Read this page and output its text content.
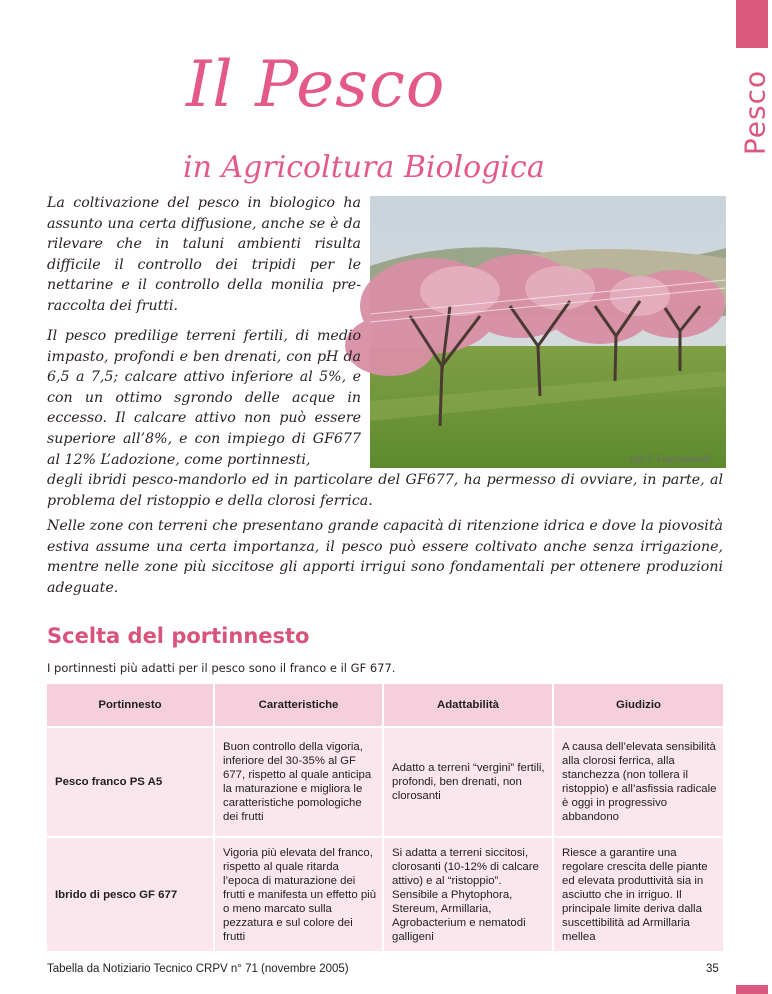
Pesco
Il Pesco
in Agricoltura Biologica
foto F. Franceschelli

La coltivazione del pesco in biologico ha assunto una certa diffusione, anche se è da rilevare che in taluni ambienti risulta difficile il controllo dei tripidi per le nettarine e il controllo della monilia pre-raccolta dei frutti.

Il pesco predilige terreni fertili, di medio impasto, profondi e ben drenati, con pH da 6,5 a 7,5; calcare attivo inferiore al 5%, e con un ottimo sgrondo delle acque in eccesso. Il calcare attivo non può essere superiore all’8%, e con impiego di GF677 al 12% L’adozione, come portinnesti,

degli ibridi pesco-mandorlo ed in particolare del GF677, ha permesso di ovviare, in parte, al problema del ristoppio e della clorosi ferrica.

Nelle zone con terreni che presentano grande capacità di ritenzione idrica e dove la piovosità estiva assume una certa importanza, il pesco può essere coltivato anche senza irrigazione, mentre nelle zone più siccitose gli apporti irrigui sono fondamentali per ottenere produzioni adeguate.

Scelta del portinnesto
I portinnesti più adatti per il pesco sono il franco e il GF 677.
Portinnesto	Caratteristiche	Adattabilità	Giudizio
Pesco franco PS A5	Buon controllo della vigoria, inferiore del 30-35% al GF 677, rispetto al quale anticipa la maturazione e migliora le caratteristiche pomologiche dei frutti	Adatto a terreni “vergini” fertili, profondi, ben drenati, non clorosanti	A causa dell’elevata sensibilità alla clorosi ferrica, alla stanchezza (non tollera il ristoppio) e all’asfissia radicale è oggi in progressivo abbandono
Ibrido di pesco GF 677	Vigoria più elevata del franco, rispetto al quale ritarda l’epoca di maturazione dei frutti e manifesta un effetto più o meno marcato sulla pezzatura e sul colore dei frutti	Si adatta a terreni siccitosi, clorosanti (10-12% di calcare attivo) e al “ristoppio”. Sensibile a Phytophora, Stereum, Armillaria, Agrobacterium e nematodi galligeni	Riesce a garantire una regolare crescita delle piante ed elevata produttività sia in asciutto che in irriguo. Il principale limite deriva dalla suscettibilità ad Armillaria mellea
Tabella da Notiziario Tecnico CRPV n° 71 (novembre 2005)	35
